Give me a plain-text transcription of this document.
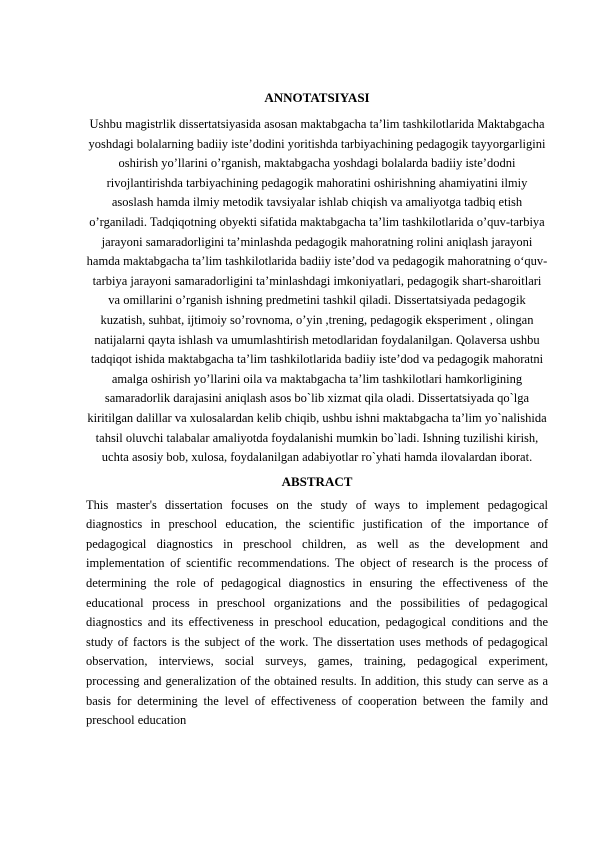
ANNOTATSIYASI

Ushbu magistrlik dissertatsiyasida asosan maktabgacha ta’lim tashkilotlarida Maktabgacha yoshdagi bolalarning badiiy iste’dodini yoritishda tarbiyachining pedagogik tayyorgarligini oshirish yo’llarini o’rganish, maktabgacha yoshdagi bolalarda badiiy iste’dodni rivojlantirishda tarbiyachining pedagogik mahoratini oshirishning ahamiyatini ilmiy asoslash hamda ilmiy metodik tavsiyalar ishlab chiqish va amaliyotga tadbiq etish o’rganiladi. Tadqiqotning obyekti sifatida maktabgacha ta’lim tashkilotlarida o’quv-tarbiya jarayoni samaradorligini ta’minlashda pedagogik mahoratning rolini aniqlash jarayoni hamda maktabgacha ta’lim tashkilotlarida badiiy iste’dod va pedagogik mahoratning o‘quv-tarbiya jarayoni samaradorligini ta’minlashdagi imkoniyatlari, pedagogik shart-sharoitlari va omillarini o’rganish ishning predmetini tashkil qiladi. Dissertatsiyada pedagogik kuzatish, suhbat, ijtimoiy so’rovnoma, o’yin ,trening, pedagogik eksperiment , olingan natijalarni qayta ishlash va umumlashtirish metodlaridan foydalanilgan. Qolaversa ushbu tadqiqot ishida maktabgacha ta’lim tashkilotlarida badiiy iste’dod va pedagogik mahoratni amalga oshirish yo’llarini oila va maktabgacha ta’lim tashkilotlari hamkorligining samaradorlik darajasini aniqlash asos bo`lib xizmat qila oladi. Dissertatsiyada qo`lga kiritilgan dalillar va xulosalardan kelib chiqib, ushbu ishni maktabgacha ta’lim yo`nalishida tahsil oluvchi talabalar amaliyotda foydalanishi mumkin bo`ladi. Ishning tuzilishi kirish, uchta asosiy bob, xulosa, foydalanilgan adabiyotlar ro`yhati hamda ilovalardan iborat.

ABSTRACT

This master's dissertation focuses on the study of ways to implement pedagogical diagnostics in preschool education, the scientific justification of the importance of pedagogical diagnostics in preschool children, as well as the development and implementation of scientific recommendations. The object of research is the process of determining the role of pedagogical diagnostics in ensuring the effectiveness of the educational process in preschool organizations and the possibilities of pedagogical diagnostics and its effectiveness in preschool education, pedagogical conditions and the study of factors is the subject of the work. The dissertation uses methods of pedagogical observation, interviews, social surveys, games, training, pedagogical experiment, processing and generalization of the obtained results. In addition, this study can serve as a basis for determining the level of effectiveness of cooperation between the family and preschool education
